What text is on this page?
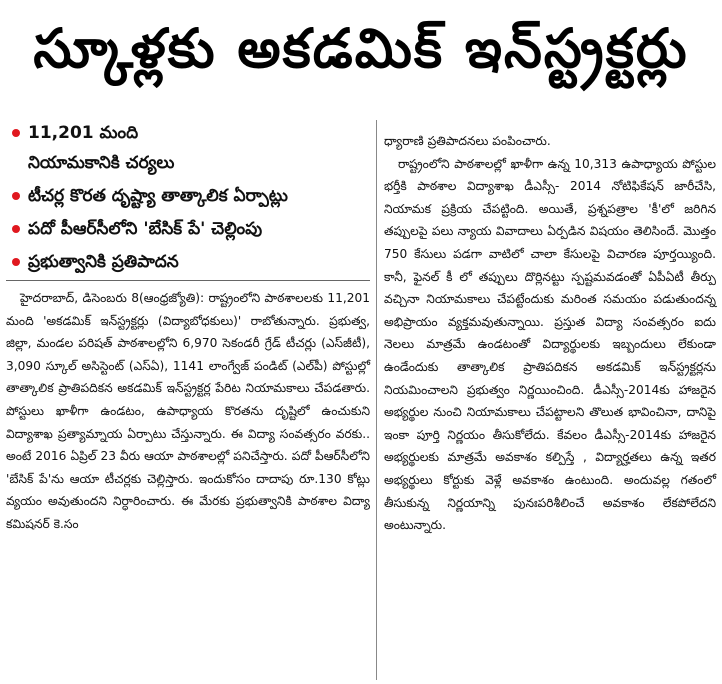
స్కూళ్లకు అకడమిక్ ఇన్‌స్ట్రక్టర్లు
11,201 మంది
నియామకానికి చర్యలు
టీచర్ల కొరత దృష్ట్యా తాత్కాలిక ఏర్పాట్లు
పదో పీఆర్‌సీలోని 'బేసిక్ పే' చెల్లింపు
ప్రభుత్వానికి ప్రతిపాదన

హైదరాబాద్, డిసెంబరు 8(ఆంధ్రజ్యోతి): రాష్ట్రంలోని పాఠశాలలకు 11,201 మంది 'అకడమిక్ ఇన్‌స్ట్రక్టర్లు (విద్యాబోధకులు)' రాబోతున్నారు. ప్రభుత్వ, జిల్లా, మండల పరిషత్ పాఠశాలల్లోని 6,970 సెకండరీ గ్రేడ్ టీచర్లు (ఎస్‌జీటీ), 3,090 స్కూల్ అసిస్టెంట్ (ఎస్‌ఏ), 1141 లాంగ్వేజ్ పండిట్ (ఎల్‌పీ) పోస్టుల్లో తాత్కాలిక ప్రాతిపదికన అకడమిక్ ఇన్‌స్ట్రక్టర్ల పేరిట నియామకాలు చేపడతారు. పోస్టులు ఖాళీగా ఉండటం, ఉపాధ్యాయ కొరతను దృష్టిలో ఉంచుకుని విద్యాశాఖ ప్రత్యామ్నాయ ఏర్పాటు చేస్తున్నారు. ఈ విద్యా సంవత్సరం వరకు.. అంటే 2016 ఏప్రిల్ 23 వీరు ఆయా పాఠశాలల్లో పనిచేస్తారు. పదో పీఆర్‌సీలోని 'బేసిక్ పే'ను ఆయా టీచర్లకు చెల్లిస్తారు. ఇందుకోసం దాదాపు రూ.130 కోట్లు వ్యయం అవుతుందని నిర్ధారించారు. ఈ మేరకు ప్రభుత్వానికి పాఠశాల విద్యా కమిషనర్ కె.సం

ధ్యారాణి ప్రతిపాదనలు పంపించారు.

రాష్ట్రంలోని పాఠశాలల్లో ఖాళీగా ఉన్న 10,313 ఉపాధ్యాయ పోస్టుల భర్తీకి పాఠశాల విద్యాశాఖ డీఎస్సీ- 2014 నోటిఫికేషన్ జారీచేసి, నియామక ప్రక్రియ చేపట్టింది. అయితే, ప్రశ్నపత్రాల 'కీ'లో జరిగిన తప్పులపై పలు న్యాయ వివాదాలు ఏర్పడిన విషయం తెలిసిందే. మొత్తం 750 కేసులు పడగా వాటిలో చాలా కేసులపై విచారణ పూర్తయ్యింది. కానీ, ఫైనల్ కీ లో తప్పులు దొర్లినట్టు స్పష్టమవడంతో ఏపీఏటీ తీర్పు వచ్చినా నియామకాలు చేపట్టేందుకు మరింత సమయం పడుతుందన్న అభిప్రాయం వ్యక్తమవుతున్నాయి. ప్రస్తుత విద్యా సంవత్సరం ఐదు నెలలు మాత్రమే ఉండటంతో విద్యార్థులకు ఇబ్బందులు లేకుండా ఉండేందుకు తాత్కాలిక ప్రాతిపదికన అకడమిక్ ఇన్‌స్ట్రక్టర్లను నియమించాలని ప్రభుత్వం నిర్ణయించింది. డీఎస్సీ-2014కు హాజరైన అభ్యర్థుల నుంచి నియామకాలు చేపట్టాలని తొలుత భావించినా, దానిపై ఇంకా పూర్తి నిర్ణయం తీసుకోలేదు. కేవలం డీఎస్సీ-2014కు హాజరైన అభ్యర్థులకు మాత్రమే అవకాశం కల్పిస్తే , విద్యార్హతలు ఉన్న ఇతర అభ్యర్థులు కోర్టుకు వెళ్లే అవకాశం ఉంటుంది. అందువల్ల గతంలో తీసుకున్న నిర్ణయాన్ని పునఃపరిశీలించే అవకాశం లేకపోలేదని అంటున్నారు.
